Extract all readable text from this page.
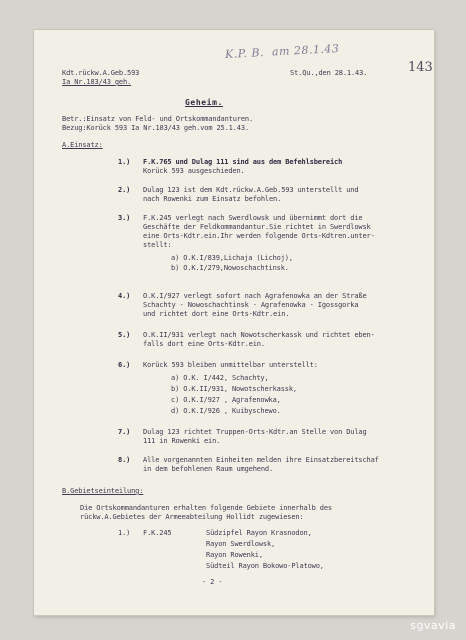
K.P. B.  am 28.1.43
143
Kdt.rückw.A.Geb.593
Ia Nr.183/43 geh.
St.Qu.,den 28.1.43.
Geheim.
Betr.:Einsatz von Feld- und Ortskommandanturen.
Bezug:Korück 593 Ia Nr.183/43 geh.vom 25.1.43.
A.Einsatz:
1.) F.K.765 und Dulag 111 sind aus dem Befehlsbereich
Korück 593 ausgeschieden.
2.) Dulag 123 ist dem Kdt.rückw.A.Geb.593 unterstellt und
nach Rowenki zum Einsatz befohlen.
3.) F.K.245 verlegt nach Swerdlowsk und übernimmt dort die
Geschäfte der Feldkommandantur.Sie richtet in Swerdlowsk
eine Orts-Kdtr.ein.Ihr werden folgende Orts-Kdtren.unter-
stellt:
a) O.K.I/839,Lichaja (Lichoj),
b) O.K.I/279,Nowoschachtinsk.
4.) O.K.I/927 verlegt sofort nach Agrafenowka an der Straße
Schachty - Nowoschachtinsk - Agrafenowka - Igossgorka
und richtet dort eine Orts-Kdtr.ein.
5.) O.K.II/931 verlegt nach Nowotscherkassk und richtet eben-
falls dort eine Orts-Kdtr.ein.
6.) Korück 593 bleiben unmittelbar unterstellt:
a) O.K. I/442, Schachty,
b) O.K.II/931, Nowotscherkassk,
c) O.K.I/927 , Agrafenowka,
d) O.K.I/926 , Kuibyschewo.
7.) Dulag 123 richtet Truppen-Orts-Kdtr.an Stelle von Dulag
111 in Rowenki ein.
8.) Alle vorgenannten Einheiten melden ihre Einsatzbereitschaf
in dem befohlenen Raum umgehend.
B.Gebietseinteilung:
Die Ortskommandanturen erhalten folgende Gebiete innerhalb des
rückw.A.Gebietes der Armeeabteilung Hollidt zugewiesen:
1.) F.K.245	Südzipfel Rayon Krasnodon,
Rayon Swerdlowsk,
Rayon Rowenki,
Südteil Rayon Bokowo-Platowo,
- 2 -
sgvavia
